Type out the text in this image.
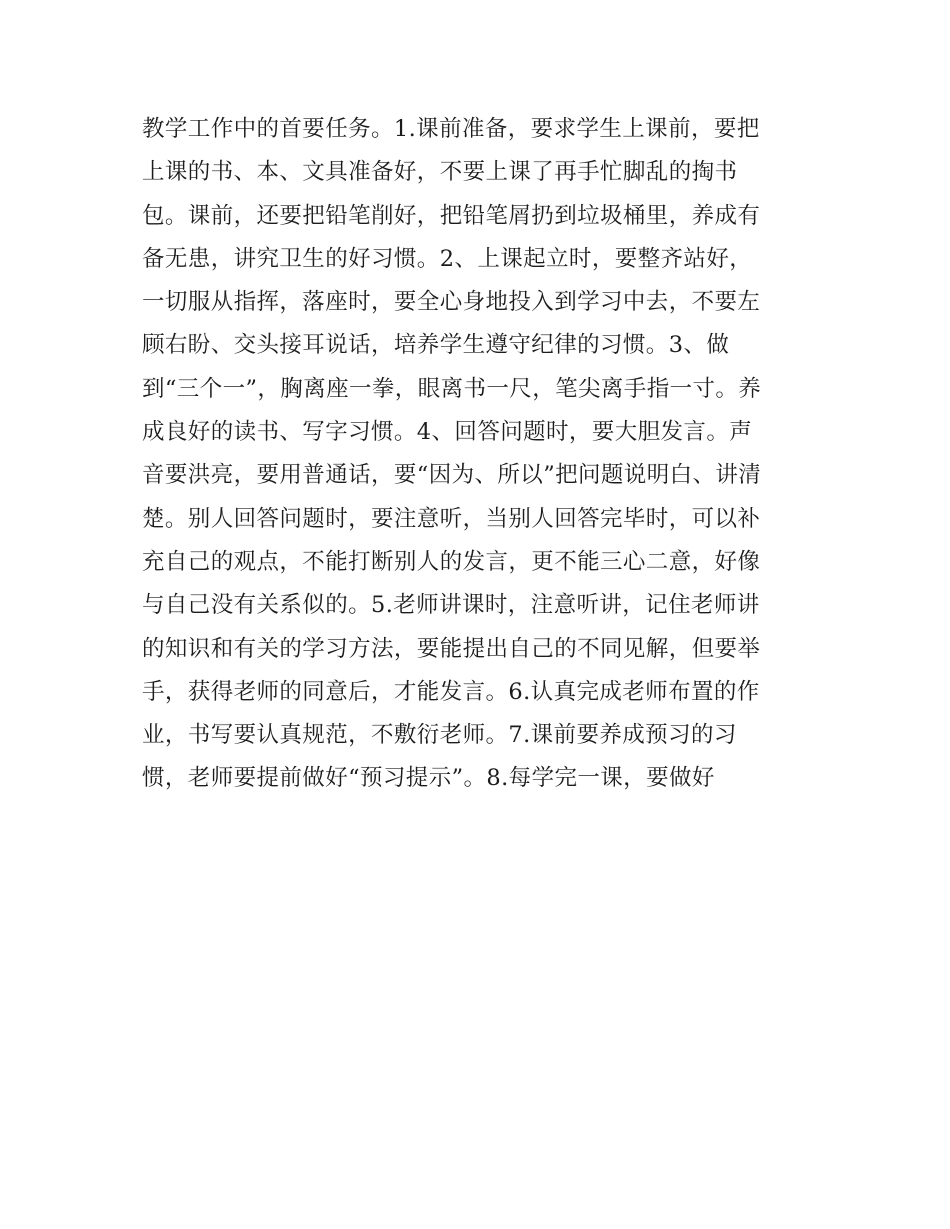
教学工作中的首要任务。1.课前准备，要求学生上课前，要把
上课的书、本、文具准备好，不要上课了再手忙脚乱的掏书
包。课前，还要把铅笔削好，把铅笔屑扔到垃圾桶里，养成有
备无患，讲究卫生的好习惯。2、上课起立时，要整齐站好，
一切服从指挥，落座时，要全心身地投入到学习中去，不要左
顾右盼、交头接耳说话，培养学生遵守纪律的习惯。3、做
到“三个一”，胸离座一拳，眼离书一尺，笔尖离手指一寸。养
成良好的读书、写字习惯。4、回答问题时，要大胆发言。声
音要洪亮，要用普通话，要“因为、所以”把问题说明白、讲清
楚。别人回答问题时，要注意听，当别人回答完毕时，可以补
充自己的观点，不能打断别人的发言，更不能三心二意，好像
与自己没有关系似的。5.老师讲课时，注意听讲，记住老师讲
的知识和有关的学习方法，要能提出自己的不同见解，但要举
手，获得老师的同意后，才能发言。6.认真完成老师布置的作
业，书写要认真规范，不敷衍老师。7.课前要养成预习的习
惯，老师要提前做好“预习提示”。8.每学完一课，要做好
